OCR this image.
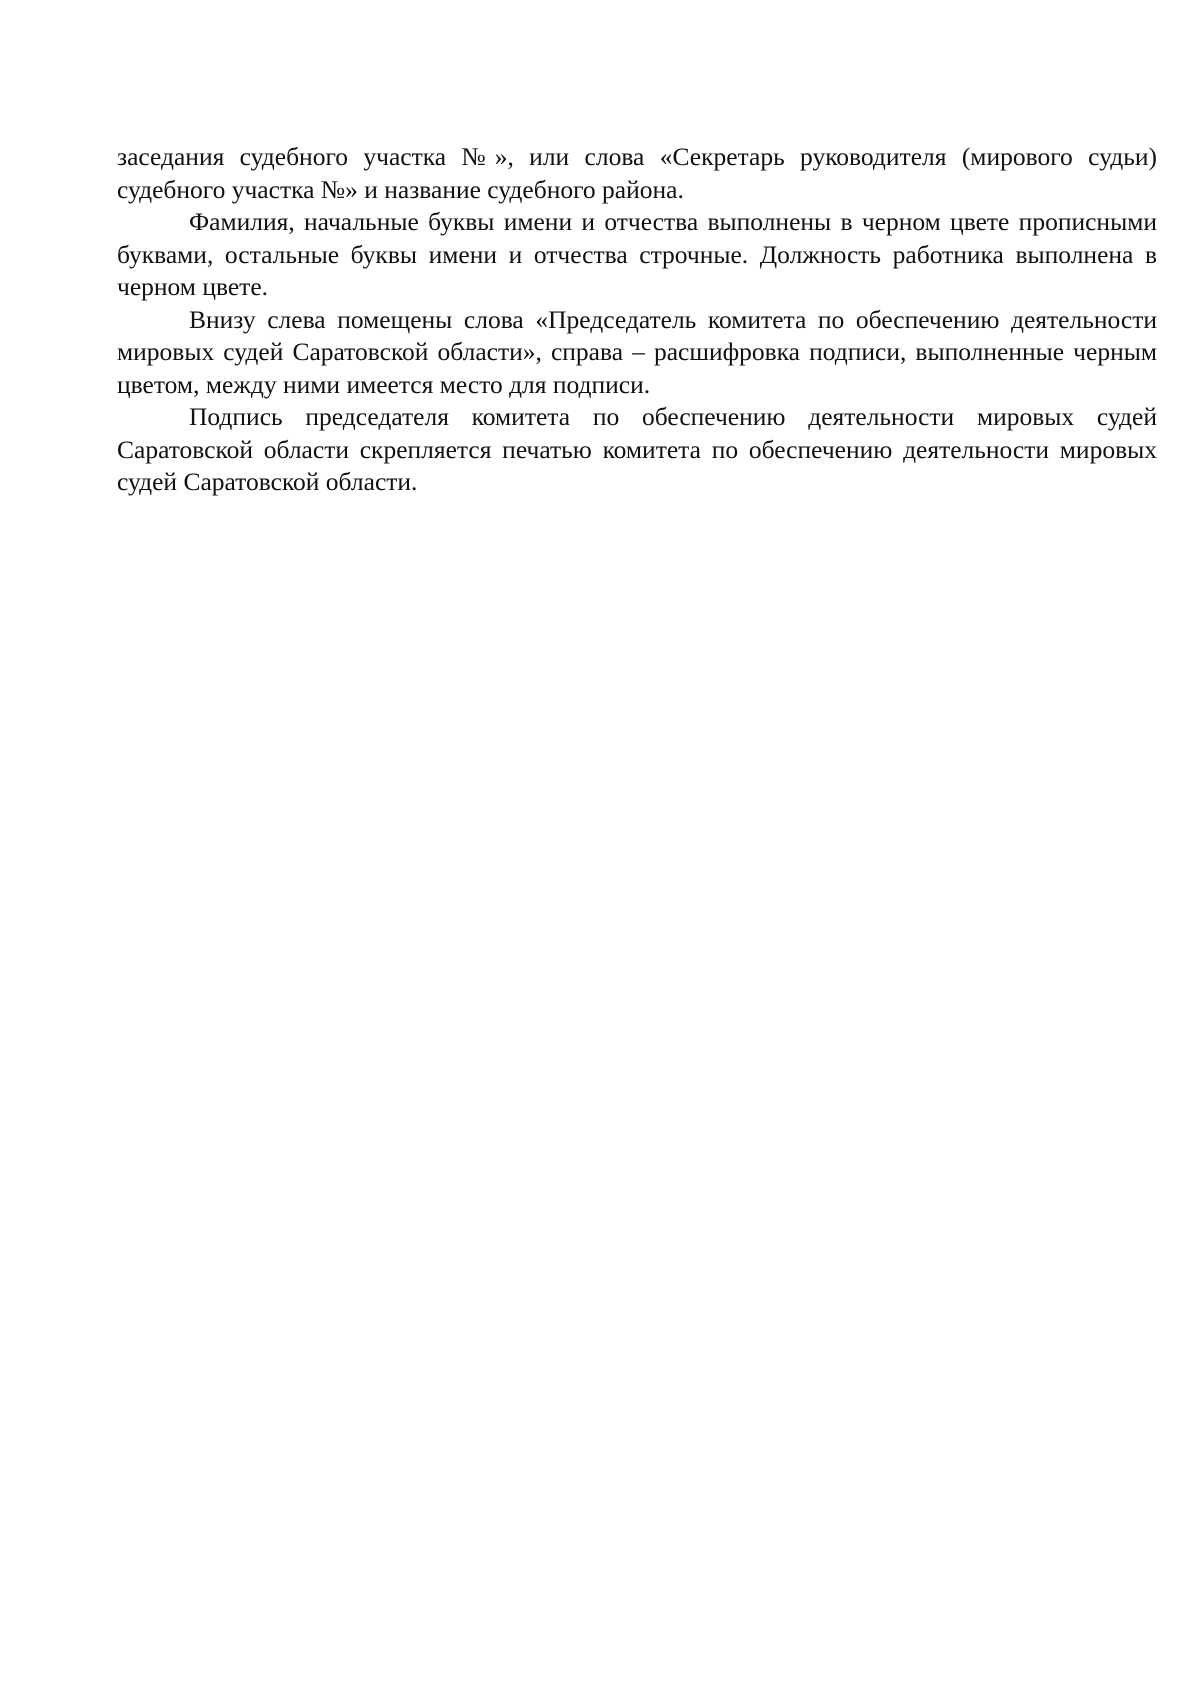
заседания судебного участка №», или слова «Секретарь руководителя (мирового судьи) судебного участка №» и название судебного района.

Фамилия, начальные буквы имени и отчества выполнены в черном цвете прописными буквами, остальные буквы имени и отчества строчные. Должность работника выполнена в черном цвете.

Внизу слева помещены слова «Председатель комитета по обеспечению деятельности мировых судей Саратовской области», справа – расшифровка подписи, выполненные черным цветом, между ними имеется место для подписи.

Подпись председателя комитета по обеспечению деятельности мировых судей Саратовской области скрепляется печатью комитета по обеспечению деятельности мировых судей Саратовской области.
